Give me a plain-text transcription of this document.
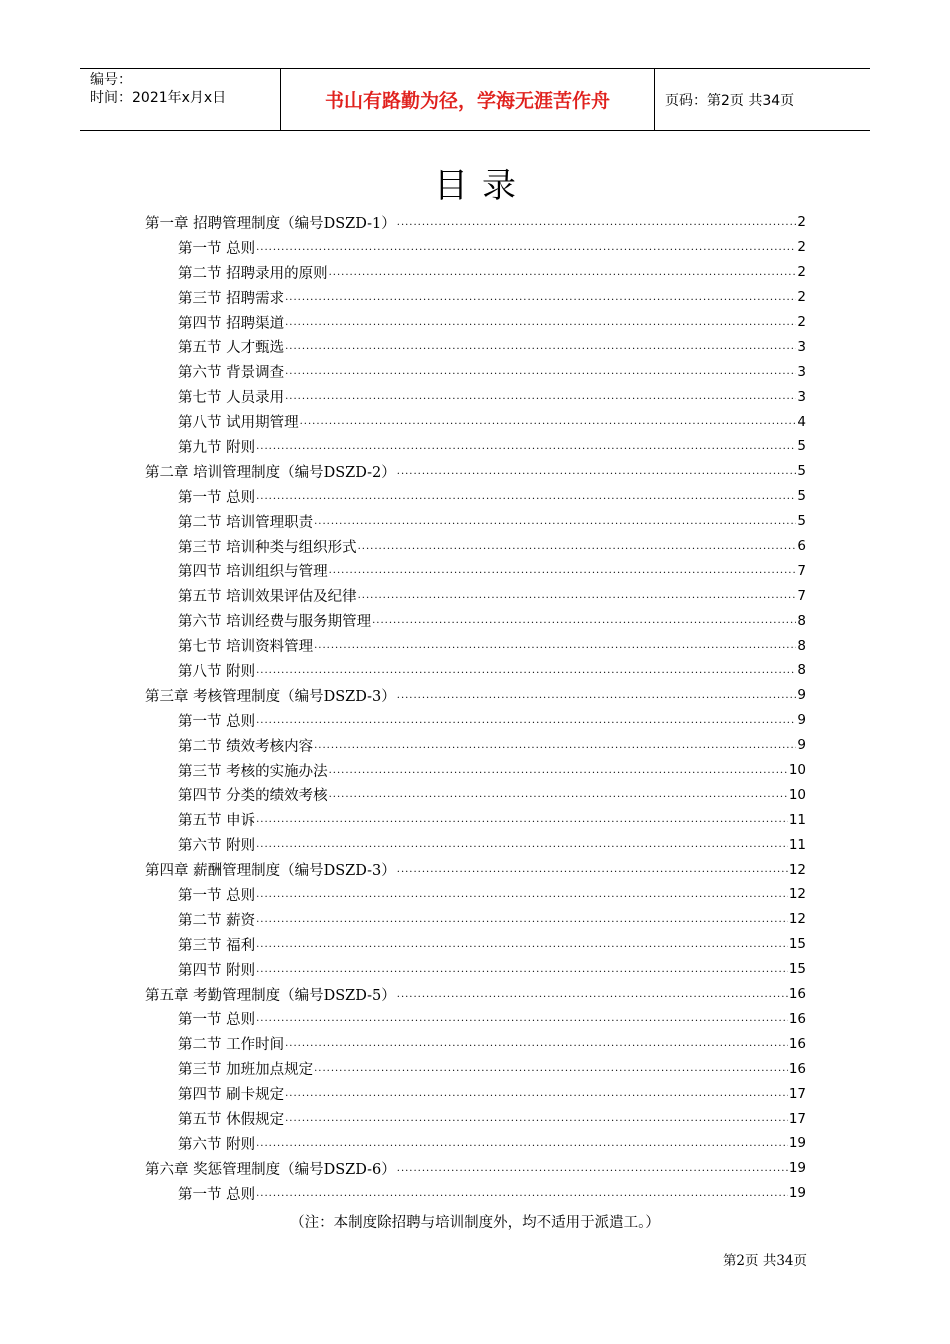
编号：
时间：2021年x月x日	书山有路勤为径，学海无涯苦作舟	页码：第2页 共34页
目录
第一章 招聘管理制度（编号DSZD-1） .....	2
第一节 总则 .....	2
第二节 招聘录用的原则 .....	2
第三节 招聘需求 .....	2
第四节 招聘渠道 .....	2
第五节 人才甄选 .....	3
第六节 背景调查 .....	3
第七节 人员录用 .....	3
第八节 试用期管理 .....	4
第九节 附则 .....	5
第二章 培训管理制度（编号DSZD-2） .....	5
第一节 总则 .....	5
第二节 培训管理职责 .....	5
第三节 培训种类与组织形式 .....	6
第四节 培训组织与管理 .....	7
第五节 培训效果评估及纪律 .....	7
第六节 培训经费与服务期管理 .....	8
第七节 培训资料管理 .....	8
第八节 附则 .....	8
第三章 考核管理制度（编号DSZD-3） .....	9
第一节 总则 .....	9
第二节 绩效考核内容 .....	9
第三节 考核的实施办法 .....	10
第四节 分类的绩效考核 .....	10
第五节 申诉 .....	11
第六节 附则 .....	11
第四章 薪酬管理制度（编号DSZD-3） .....	12
第一节 总则 .....	12
第二节 薪资 .....	12
第三节 福利 .....	15
第四节 附则 .....	15
第五章 考勤管理制度（编号DSZD-5） .....	16
第一节 总则 .....	16
第二节 工作时间 .....	16
第三节 加班加点规定 .....	16
第四节 刷卡规定 .....	17
第五节 休假规定 .....	17
第六节 附则 .....	19
第六章 奖惩管理制度（编号DSZD-6） .....	19
第一节 总则 .....	19
（注：本制度除招聘与培训制度外，均不适用于派遣工。）
第2页 共34页
